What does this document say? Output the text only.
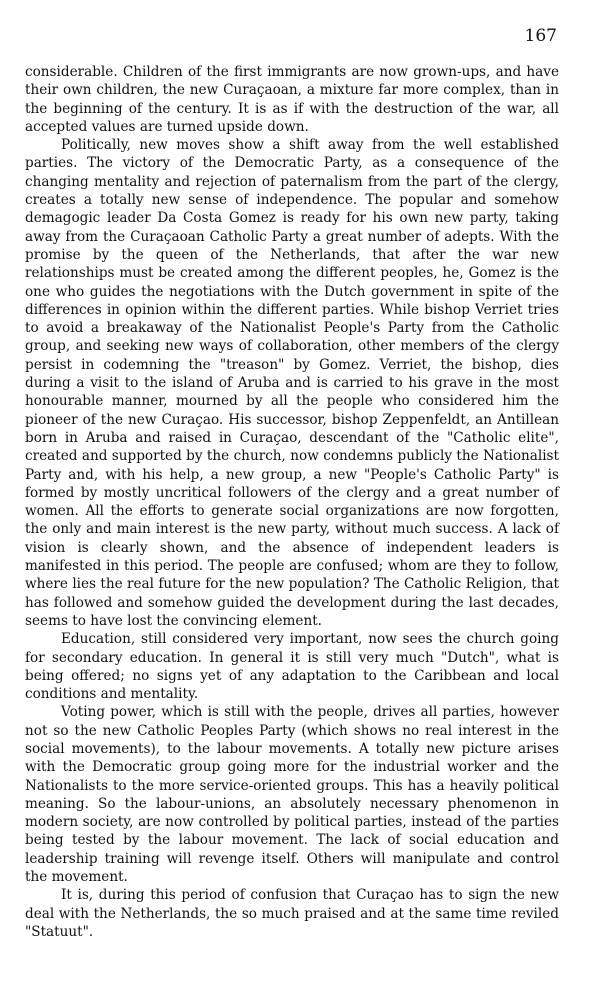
167

considerable. Children of the first immigrants are now grown-ups, and have their own children, the new Curaçaoan, a mixture far more complex, than in the beginning of the century. It is as if with the destruction of the war, all accepted values are turned upside down.

Politically, new moves show a shift away from the well established parties. The victory of the Democratic Party, as a consequence of the changing mentality and rejection of paternalism from the part of the clergy, creates a totally new sense of independence. The popular and somehow demagogic leader Da Costa Gomez is ready for his own new party, taking away from the Curaçaoan Catholic Party a great number of adepts. With the promise by the queen of the Netherlands, that after the war new relationships must be created among the different peoples, he, Gomez is the one who guides the negotiations with the Dutch government in spite of the differences in opinion within the different parties. While bishop Verriet tries to avoid a breakaway of the Nationalist People's Party from the Catholic group, and seeking new ways of collaboration, other members of the clergy persist in codemning the "treason" by Gomez. Verriet, the bishop, dies during a visit to the island of Aruba and is carried to his grave in the most honourable manner, mourned by all the people who considered him the pioneer of the new Curaçao. His successor, bishop Zeppenfeldt, an Antillean born in Aruba and raised in Curaçao, descendant of the "Catholic elite", created and supported by the church, now condemns publicly the Nationalist Party and, with his help, a new group, a new "People's Catholic Party" is formed by mostly uncritical followers of the clergy and a great number of women. All the efforts to generate social organizations are now forgotten, the only and main interest is the new party, without much success. A lack of vision is clearly shown, and the absence of independent leaders is manifested in this period. The people are confused; whom are they to follow, where lies the real future for the new population? The Catholic Religion, that has followed and somehow guided the development during the last decades, seems to have lost the convincing element.

Education, still considered very important, now sees the church going for secondary education. In general it is still very much "Dutch", what is being offered; no signs yet of any adaptation to the Caribbean and local conditions and mentality.

Voting power, which is still with the people, drives all parties, however not so the new Catholic Peoples Party (which shows no real interest in the social movements), to the labour movements. A totally new picture arises with the Democratic group going more for the industrial worker and the Nationalists to the more service-oriented groups. This has a heavily political meaning. So the labour-unions, an absolutely necessary phenomenon in modern society, are now controlled by political parties, instead of the parties being tested by the labour movement. The lack of social education and leadership training will revenge itself. Others will manipulate and control the movement.

It is, during this period of confusion that Curaçao has to sign the new deal with the Netherlands, the so much praised and at the same time reviled "Statuut".
